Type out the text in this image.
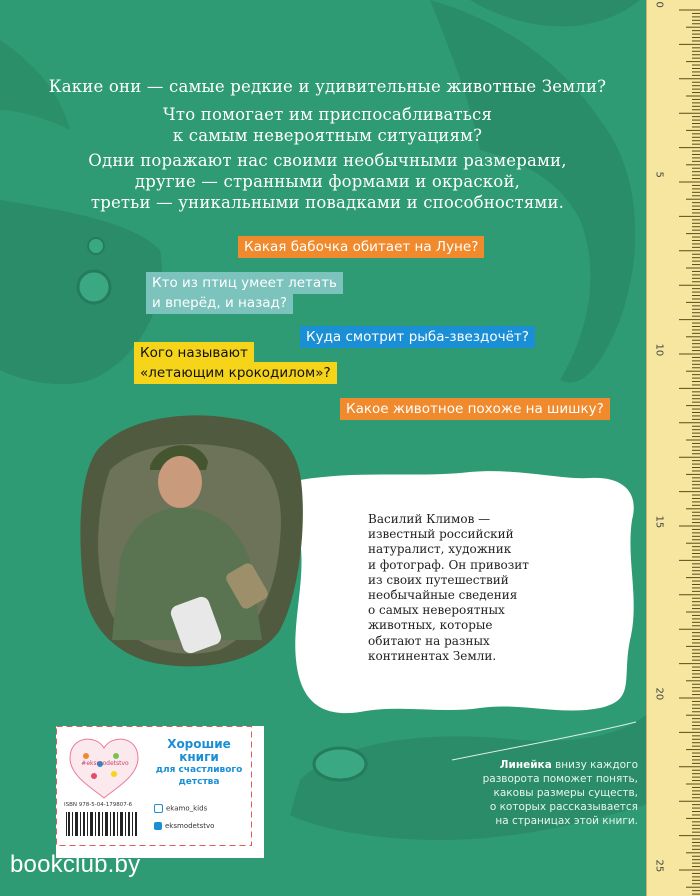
Какие они — самые редкие и удивительные животные Земли?

Что помогает им приспосабливаться

к самым невероятным ситуациям?

Одни поражают нас своими необычными размерами,

другие — странными формами и окраской,

третьи — уникальными повадками и способностями.

Какая бабочка обитает на Луне?
Кто из птиц умеет летать
и вперёд, и назад?
Куда смотрит рыба-звездочёт?
Кого называют
«летающим крокодилом»?
Какое животное похоже на шишку?
Василий Климов —
известный российский
натуралист, художник
и фотограф. Он привозит
из своих путешествий
необычайные сведения
о самых невероятных
животных, которые
обитают на разных
континентах Земли.
Линейка внизу каждого
разворота поможет понять,
каковы размеры существ,
о которых рассказывается
на страницах этой книги.
#eksmodetstvo
ISBN 978-5-04-179807-6
Хорошие
книги
для счастливого
детства
ekamo_kids
eksmodetstvo
0
5
10
15
20
25
bookclub.by
